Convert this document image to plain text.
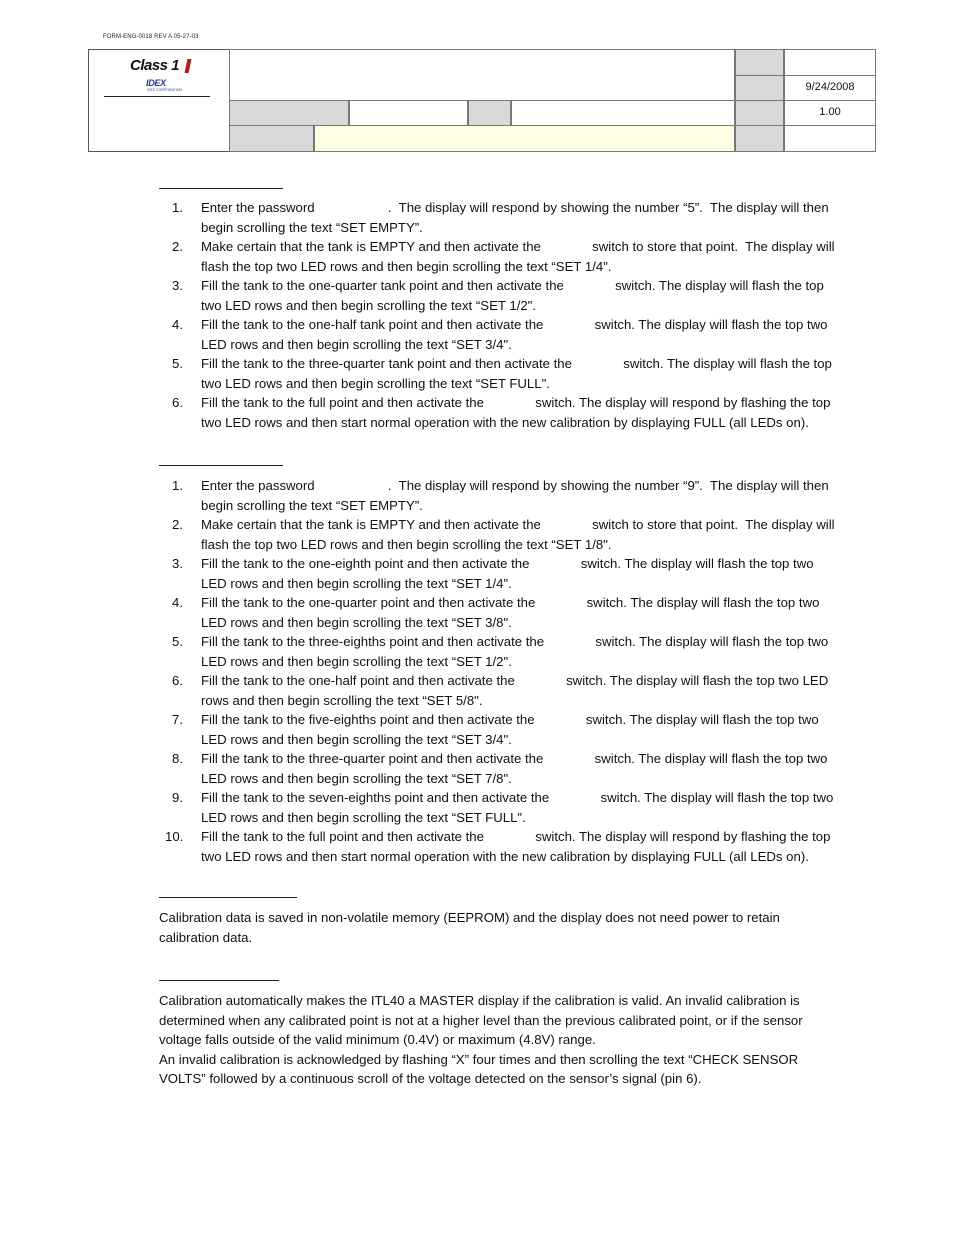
FORM-ENG-0018 REV A 05-27-03
Class 1
IDEX
IDEX CORPORATION	9/24/2008
1.00
1. Enter the password                    .  The display will respond by showing the number “5”.  The display will then
begin scrolling the text “SET EMPTY”.
2. Make certain that the tank is EMPTY and then activate the              switch to store that point.  The display will
flash the top two LED rows and then begin scrolling the text “SET 1/4".
3. Fill the tank to the one-quarter tank point and then activate the              switch. The display will flash the top
two LED rows and then begin scrolling the text “SET 1/2".
4. Fill the tank to the one-half tank point and then activate the              switch. The display will flash the top two
LED rows and then begin scrolling the text “SET 3/4".
5. Fill the tank to the three-quarter tank point and then activate the              switch. The display will flash the top
two LED rows and then begin scrolling the text “SET FULL".
6. Fill the tank to the full point and then activate the              switch. The display will respond by flashing the top
two LED rows and then start normal operation with the new calibration by displaying FULL (all LEDs on).
1. Enter the password                    .  The display will respond by showing the number “9”.  The display will then
begin scrolling the text “SET EMPTY”.
2. Make certain that the tank is EMPTY and then activate the              switch to store that point.  The display will
flash the top two LED rows and then begin scrolling the text “SET 1/8".
3. Fill the tank to the one-eighth point and then activate the              switch. The display will flash the top two
LED rows and then begin scrolling the text “SET 1/4".
4. Fill the tank to the one-quarter point and then activate the              switch. The display will flash the top two
LED rows and then begin scrolling the text “SET 3/8".
5. Fill the tank to the three-eighths point and then activate the              switch. The display will flash the top two
LED rows and then begin scrolling the text “SET 1/2".
6. Fill the tank to the one-half point and then activate the              switch. The display will flash the top two LED
rows and then begin scrolling the text “SET 5/8".
7. Fill the tank to the five-eighths point and then activate the              switch. The display will flash the top two
LED rows and then begin scrolling the text “SET 3/4".
8. Fill the tank to the three-quarter point and then activate the              switch. The display will flash the top two
LED rows and then begin scrolling the text “SET 7/8".
9. Fill the tank to the seven-eighths point and then activate the              switch. The display will flash the top two
LED rows and then begin scrolling the text “SET FULL".
10. Fill the tank to the full point and then activate the              switch. The display will respond by flashing the top
two LED rows and then start normal operation with the new calibration by displaying FULL (all LEDs on).
Calibration data is saved in non-volatile memory (EEPROM) and the display does not need power to retain
calibration data.
Calibration automatically makes the ITL40 a MASTER display if the calibration is valid. An invalid calibration is
determined when any calibrated point is not at a higher level than the previous calibrated point, or if the sensor
voltage falls outside of the valid minimum (0.4V) or maximum (4.8V) range.
An invalid calibration is acknowledged by flashing “X” four times and then scrolling the text “CHECK SENSOR
VOLTS” followed by a continuous scroll of the voltage detected on the sensor’s signal (pin 6).
